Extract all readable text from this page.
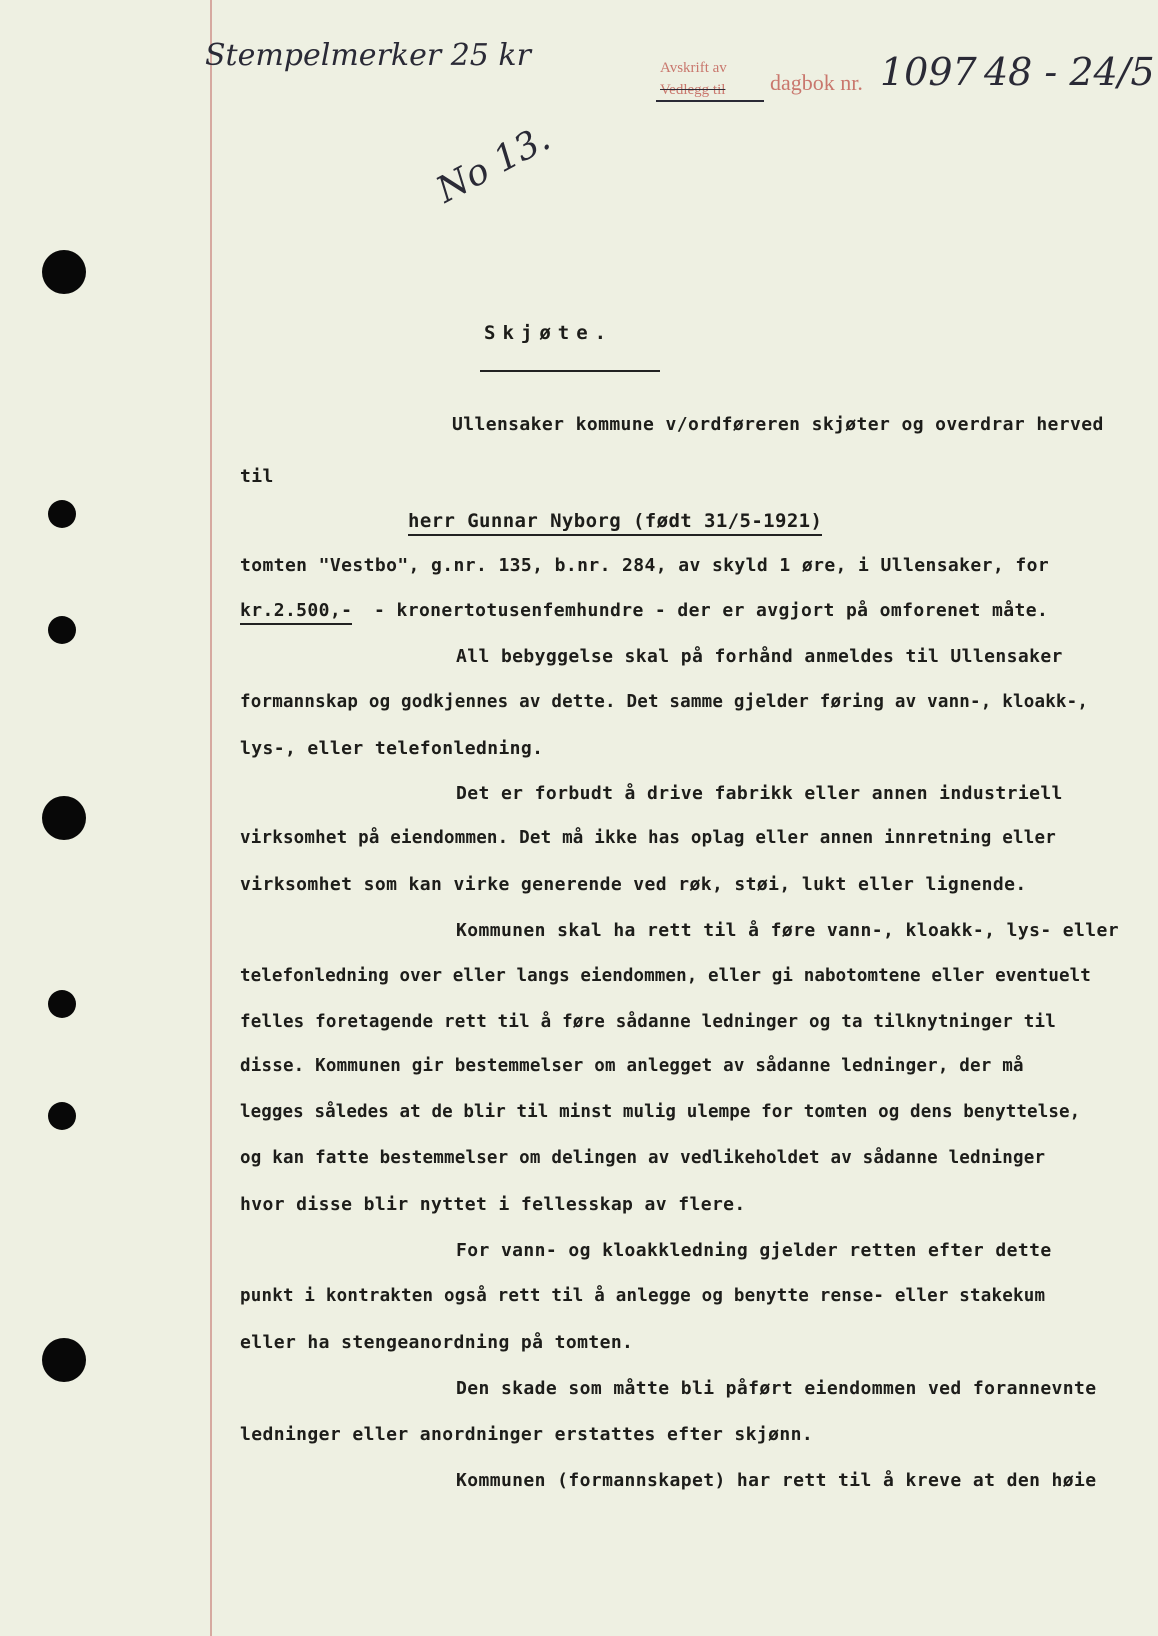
Stempelmerker 25 kr	Avskrift av
Vedlegg til dagbok nr. 1097 48 - 24/5
No 13.
Skjøte.
Ullensaker kommune v/ordføreren skjøter og overdrar herved
til
herr Gunnar Nyborg (født 31/5-1921)
tomten "Vestbo", g.nr. 135, b.nr. 284, av skyld 1 øre, i Ullensaker, for
kr.2.500,- - kronertotusenfemhundre - der er avgjort på omforenet måte.
All bebyggelse skal på forhånd anmeldes til Ullensaker
formannskap og godkjennes av dette. Det samme gjelder føring av vann-, kloakk-,
lys-, eller telefonledning.
Det er forbudt å drive fabrikk eller annen industriell
virksomhet på eiendommen. Det må ikke has oplag eller annen innretning eller
virksomhet som kan virke generende ved røk, støi, lukt eller lignende.
Kommunen skal ha rett til å føre vann-, kloakk-, lys- eller
telefonledning over eller langs eiendommen, eller gi nabotomtene eller eventuelt
felles foretagende rett til å føre sådanne ledninger og ta tilknytninger til
disse. Kommunen gir bestemmelser om anlegget av sådanne ledninger, der må
legges således at de blir til minst mulig ulempe for tomten og dens benyttelse,
og kan fatte bestemmelser om delingen av vedlikeholdet av sådanne ledninger
hvor disse blir nyttet i fellesskap av flere.
For vann- og kloakkledning gjelder retten efter dette
punkt i kontrakten også rett til å anlegge og benytte rense- eller stakekum
eller ha stengeanordning på tomten.
Den skade som måtte bli påført eiendommen ved forannevnte
ledninger eller anordninger erstattes efter skjønn.
Kommunen (formannskapet) har rett til å kreve at den høie
